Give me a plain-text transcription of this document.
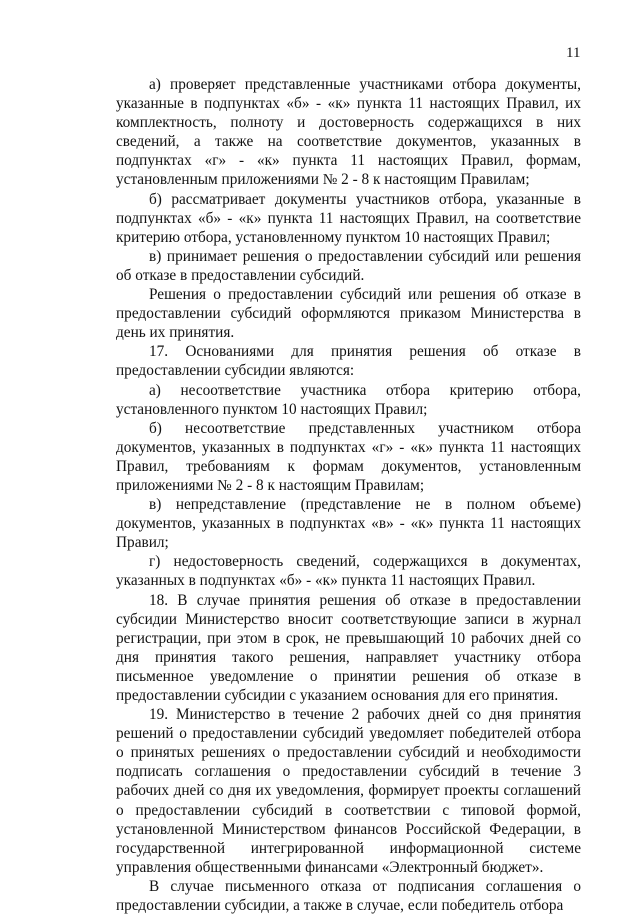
11

а) проверяет представленные участниками отбора документы, указанные в подпунктах «б» - «к» пункта 11 настоящих Правил, их комплектность, полноту и достоверность содержащихся в них сведений, а также на соответствие документов, указанных в подпунктах «г» - «к» пункта 11 настоящих Правил, формам, установленным приложениями № 2 - 8 к настоящим Правилам;

б) рассматривает документы участников отбора, указанные в подпунктах «б» - «к» пункта 11 настоящих Правил, на соответствие критерию отбора, установленному пунктом 10 настоящих Правил;

в) принимает решения о предоставлении субсидий или решения об отказе в предоставлении субсидий.

Решения о предоставлении субсидий или решения об отказе в предоставлении субсидий оформляются приказом Министерства в день их принятия.

17. Основаниями для принятия решения об отказе в предоставлении субсидии являются:

а) несоответствие участника отбора критерию отбора, установленного пунктом 10 настоящих Правил;

б) несоответствие представленных участником отбора документов, указанных в подпунктах «г» - «к» пункта 11 настоящих Правил, требованиям к формам документов, установленным приложениями № 2 - 8 к настоящим Правилам;

в) непредставление (представление не в полном объеме) документов, указанных в подпунктах «в» - «к» пункта 11 настоящих Правил;

г) недостоверность сведений, содержащихся в документах, указанных в подпунктах «б» - «к» пункта 11 настоящих Правил.

18. В случае принятия решения об отказе в предоставлении субсидии Министерство вносит соответствующие записи в журнал регистрации, при этом в срок, не превышающий 10 рабочих дней со дня принятия такого решения, направляет участнику отбора письменное уведомление о принятии решения об отказе в предоставлении субсидии с указанием основания для его принятия.

19. Министерство в течение 2 рабочих дней со дня принятия решений о предоставлении субсидий уведомляет победителей отбора о принятых решениях о предоставлении субсидий и необходимости подписать соглашения о предоставлении субсидий в течение 3 рабочих дней со дня их уведомления, формирует проекты соглашений о предоставлении субсидий в соответствии с типовой формой, установленной Министерством финансов Российской Федерации, в государственной интегрированной информационной системе управления общественными финансами «Электронный бюджет».

В случае письменного отказа от подписания соглашения о предоставлении субсидии, а также в случае, если победитель отбора
